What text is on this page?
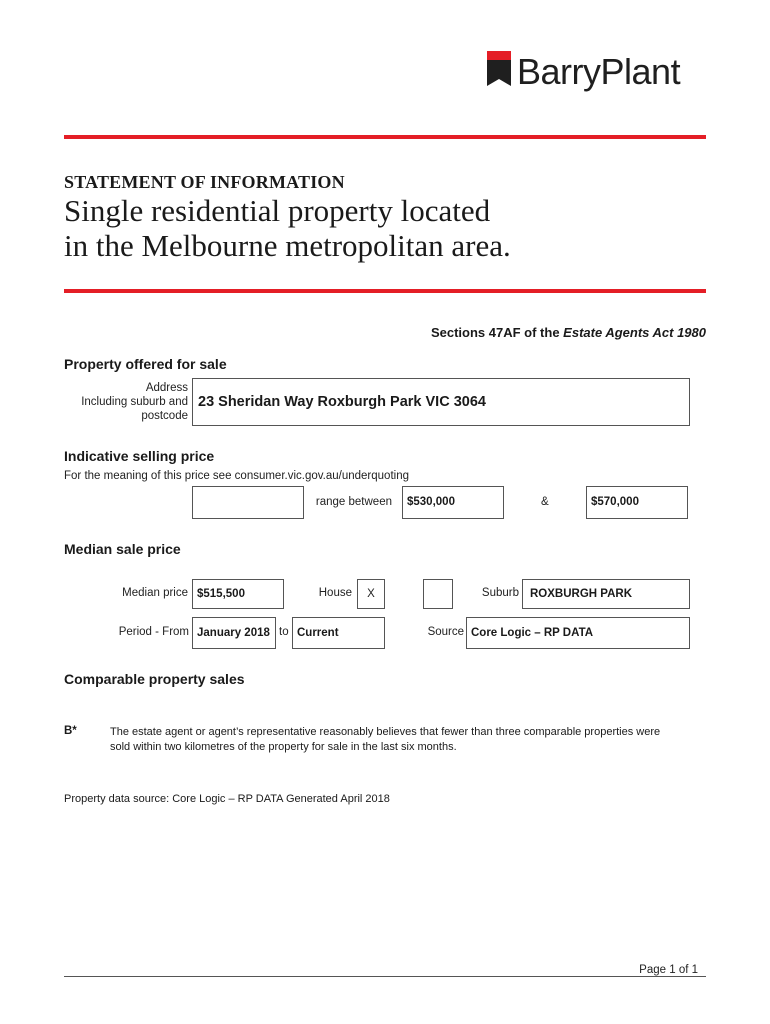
BarryPlant
STATEMENT OF INFORMATION
Single residential property located
in the Melbourne metropolitan area.
Sections 47AF of the Estate Agents Act 1980
Property offered for sale
Address
Including suburb and
postcode
23 Sheridan Way Roxburgh Park VIC 3064
Indicative selling price
For the meaning of this price see consumer.vic.gov.au/underquoting
range between	$530,000	&	$570,000
Median sale price
Median price $515,500	House	X	Suburb ROXBURGH PARK
Period - From January 2018 to Current	Source Core Logic – RP DATA
Comparable property sales
B*	The estate agent or agent’s representative reasonably believes that fewer than three comparable properties were
sold within two kilometres of the property for sale in the last six months.
Property data source: Core Logic – RP DATA Generated April 2018
Page 1 of 1
